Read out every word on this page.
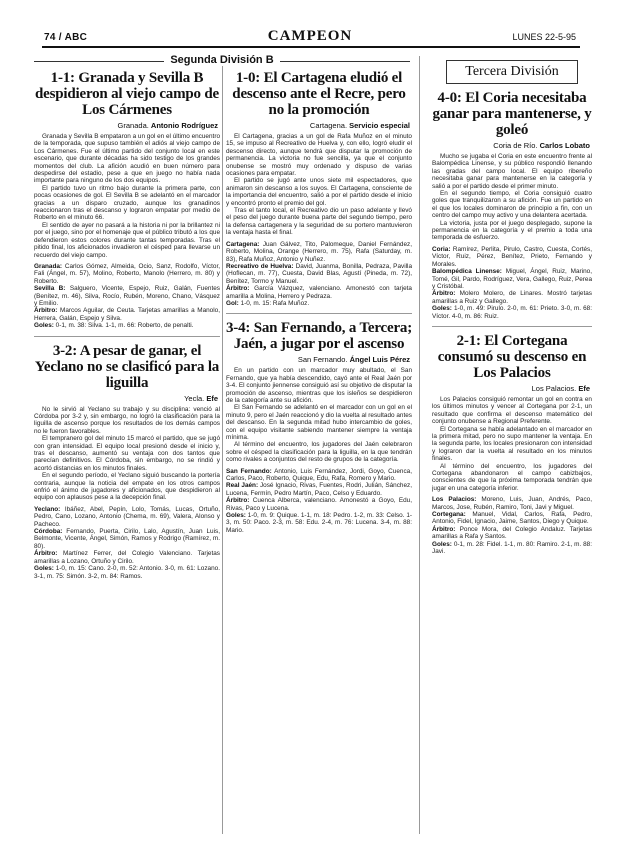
74 / ABC	CAMPEON	LUNES 22-5-95
1-1: Granada y Sevilla B despidieron al viejo campo de Los Cármenes
Granada. Antonio Rodríguez

Granada y Sevilla B empataron a un gol en el último encuentro de la temporada, que supuso también el adiós al viejo campo de Los Cármenes. Fue el último partido del conjunto local en este escenario, que durante décadas ha sido testigo de los grandes momentos del club. La afición acudió en buen número para despedirse del estadio, pese a que en juego no había nada importante para ninguno de los dos equipos.

El partido tuvo un ritmo bajo durante la primera parte, con pocas ocasiones de gol. El Sevilla B se adelantó en el marcador gracias a un disparo cruzado, aunque los granadinos reaccionaron tras el descanso y lograron empatar por medio de Roberto en el minuto 66.

El sentido de ayer no pasará a la historia ni por la brillantez ni por el juego, sino por el homenaje que el público tributó a los que defendieron estos colores durante tantas temporadas. Tras el pitido final, los aficionados invadieron el césped para llevarse un recuerdo del viejo campo.

Granada: Carlos Gómez, Almeida, Ocio, Sanz, Rodolfo, Víctor, Fali (Ángel, m. 57), Molino, Roberto, Manolo (Herrero, m. 80) y Roberto.

Sevilla B: Salguero, Vicente, Espejo, Ruiz, Galán, Fuentes (Benítez, m. 46), Silva, Rocío, Rubén, Moreno, Chano, Vásquez y Emilio.

Árbitro: Marcos Aguilar, de Ceuta. Tarjetas amarillas a Manolo, Herrera, Galán, Espejo y Silva.

Goles: 0-1, m. 38: Silva. 1-1, m. 66: Roberto, de penalti.

3-2: A pesar de ganar, el Yeclano no se clasificó para la liguilla
Yecla. Efe

No le sirvió al Yeclano su trabajo y su disciplina: venció al Córdoba por 3-2 y, sin embargo, no logró la clasificación para la liguilla de ascenso porque los resultados de los demás campos no le fueron favorables.

El tempranero gol del minuto 15 marcó el partido, que se jugó con gran intensidad. El equipo local presionó desde el inicio y, tras el descanso, aumentó su ventaja con dos tantos que parecían definitivos. El Córdoba, sin embargo, no se rindió y acortó distancias en los minutos finales.

En el segundo período, el Yeclano siguió buscando la portería contraria, aunque la noticia del empate en los otros campos enfrió el ánimo de jugadores y aficionados, que despidieron al equipo con aplausos pese a la decepción final.

Yeclano: Ibáñez, Abel, Pepín, Lolo, Tomás, Lucas, Ortuño, Pedro, Cano, Lozano, Antonio (Chema, m. 69), Valera, Alonso y Pacheco.

Córdoba: Fernando, Puerta, Cirilo, Lalo, Agustín, Juan Luis, Belmonte, Vicente, Ángel, Simón, Ramos y Rodrigo (Ramírez, m. 80).

Árbitro: Martínez Ferrer, del Colegio Valenciano. Tarjetas amarillas a Lozano, Ortuño y Cirilo.

Goles: 1-0, m. 15: Cano. 2-0, m. 52: Antonio. 3-0, m. 61: Lozano. 3-1, m. 75: Simón. 3-2, m. 84: Ramos.

Segunda División B
1-0: El Cartagena eludió el descenso ante el Recre, pero no la promoción
Cartagena. Servicio especial

El Cartagena, gracias a un gol de Rafa Muñoz en el minuto 15, se impuso al Recreativo de Huelva y, con ello, logró eludir el descenso directo, aunque tendrá que disputar la promoción de permanencia. La victoria no fue sencilla, ya que el conjunto onubense se mostró muy ordenado y dispuso de varias ocasiones para empatar.

El partido se jugó ante unos siete mil espectadores, que animaron sin descanso a los suyos. El Cartagena, consciente de la importancia del encuentro, salió a por el partido desde el inicio y encontró pronto el premio del gol.

Tras el tanto local, el Recreativo dio un paso adelante y llevó el peso del juego durante buena parte del segundo tiempo, pero la defensa cartagenera y la seguridad de su portero mantuvieron la ventaja hasta el final.

Cartagena: Juan Gálvez, Tito, Palomeque, Daniel Fernández, Roberto, Molina, Orange (Herrero, m. 75), Rafa (Saturday, m. 83), Rafa Muñoz, Antonio y Nuñez.

Recreativo de Huelva: David, Juanma, Bonilla, Pedraza, Pavilla (Hoflecan, m. 77), Cuesta, David Blas, Agustí (Pineda, m. 72), Benítez, Tormo y Manuel.

Árbitro: García Vázquez, valenciano. Amonestó con tarjeta amarilla a Molina, Herrero y Pedraza.

Gol: 1-0, m. 15: Rafa Muñoz.

3-4: San Fernando, a Tercera; Jaén, a jugar por el ascenso
San Fernando. Ángel Luis Pérez

En un partido con un marcador muy abultado, el San Fernando, que ya había descendido, cayó ante el Real Jaén por 3-4. El conjunto jiennense consiguió así su objetivo de disputar la promoción de ascenso, mientras que los isleños se despidieron de la categoría ante su afición.

El San Fernando se adelantó en el marcador con un gol en el minuto 9, pero el Jaén reaccionó y dio la vuelta al resultado antes del descanso. En la segunda mitad hubo intercambio de goles, con el equipo visitante sabiendo mantener siempre la ventaja mínima.

Al término del encuentro, los jugadores del Jaén celebraron sobre el césped la clasificación para la liguilla, en la que tendrán como rivales a conjuntos del resto de grupos de la categoría.

San Fernando: Antonio, Luis Fernández, Jordi, Goyo, Cuenca, Carlos, Paco, Roberto, Quique, Edu, Rafa, Romero y Mario.

Real Jaén: José Ignacio, Rivas, Fuentes, Rodri, Julián, Sánchez, Lucena, Fermín, Pedro Martín, Paco, Celso y Eduardo.

Árbitro: Cuenca Alberca, valenciano. Amonestó a Goyo, Edu, Rivas, Paco y Lucena.

Goles: 1-0, m. 9: Quique. 1-1, m. 18: Pedro. 1-2, m. 33: Celso. 1-3, m. 50: Paco. 2-3, m. 58: Edu. 2-4, m. 76: Lucena. 3-4, m. 88: Mario.

Tercera División
4-0: El Coria necesitaba ganar para mantenerse, y goleó
Coria de Río. Carlos Lobato

Mucho se jugaba el Coria en este encuentro frente al Balompédica Linense, y su público respondió llenando las gradas del campo local. El equipo ribereño necesitaba ganar para mantenerse en la categoría y salió a por el partido desde el primer minuto.

En el segundo tiempo, el Coria consiguió cuatro goles que tranquilizaron a su afición. Fue un partido en el que los locales dominaron de principio a fin, con un centro del campo muy activo y una delantera acertada.

La victoria, justa por el juego desplegado, supone la permanencia en la categoría y el premio a toda una temporada de esfuerzo.

Coria: Ramírez, Perlita, Pirulo, Castro, Cuesta, Cortés, Víctor, Ruiz, Pérez, Benítez, Prieto, Fernando y Morales.

Balompédica Linense: Miguel, Ángel, Ruiz, Marino, Tomé, Gil, Pardo, Rodríguez, Vera, Gallego, Ruiz, Perea y Cristóbal.

Árbitro: Molero Molero, de Linares. Mostró tarjetas amarillas a Ruiz y Gallego.

Goles: 1-0, m. 49: Pirulo. 2-0, m. 61: Prieto. 3-0, m. 68: Víctor. 4-0, m. 86: Ruiz.

2-1: El Cortegana consumó su descenso en Los Palacios
Los Palacios. Efe

Los Palacios consiguió remontar un gol en contra en los últimos minutos y vencer al Cortegana por 2-1, un resultado que confirma el descenso matemático del conjunto onubense a Regional Preferente.

El Cortegana se había adelantado en el marcador en la primera mitad, pero no supo mantener la ventaja. En la segunda parte, los locales presionaron con intensidad y lograron dar la vuelta al resultado en los minutos finales.

Al término del encuentro, los jugadores del Cortegana abandonaron el campo cabizbajos, conscientes de que la próxima temporada tendrán que jugar en una categoría inferior.

Los Palacios: Moreno, Luis, Juan, Andrés, Paco, Marcos, Jose, Rubén, Ramiro, Toni, Javi y Miguel.

Cortegana: Manuel, Vidal, Carlos, Rafa, Pedro, Antonio, Fidel, Ignacio, Jaime, Santos, Diego y Quique.

Árbitro: Ponce Mora, del Colegio Andaluz. Tarjetas amarillas a Rafa y Santos.

Goles: 0-1, m. 28: Fidel. 1-1, m. 80: Ramiro. 2-1, m. 88: Javi.
